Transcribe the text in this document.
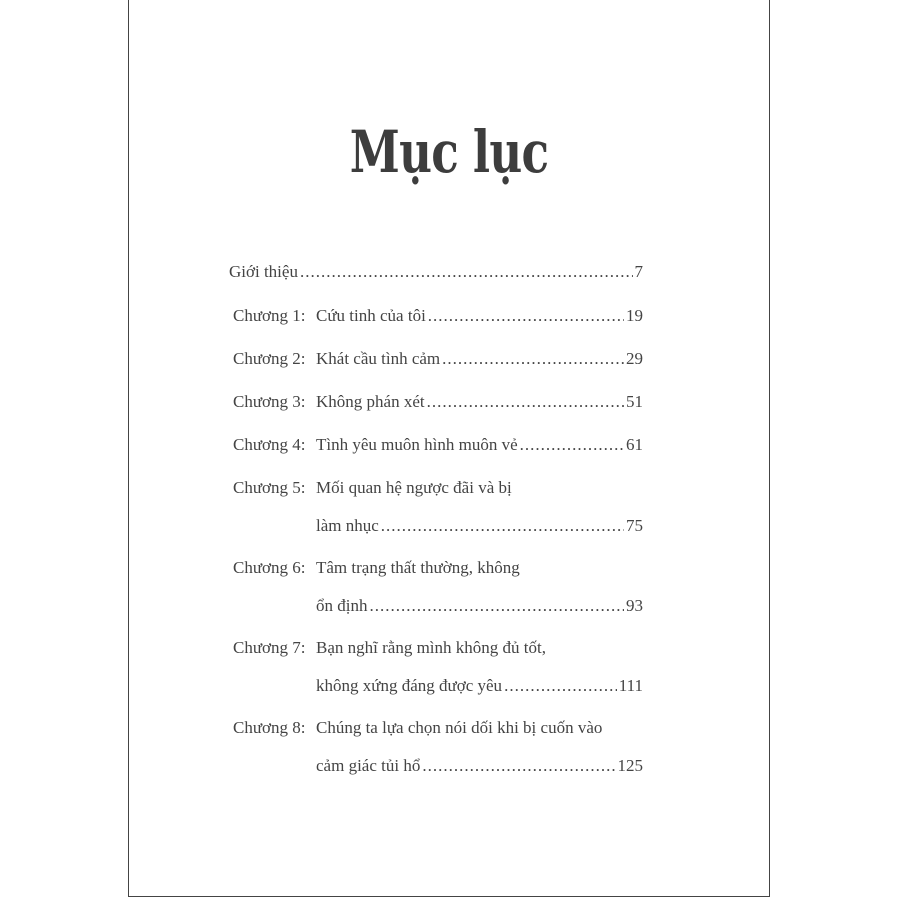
Mục lục
Giới thiệu .....	7
Chương 1: Cứu tinh của tôi .....	19
Chương 2: Khát cầu tình cảm .....	29
Chương 3: Không phán xét .....	51
Chương 4: Tình yêu muôn hình muôn vẻ .....	61
Chương 5: Mối quan hệ ngược đãi và bị
làm nhục .....	75
Chương 6: Tâm trạng thất thường, không
ổn định .....	93
Chương 7: Bạn nghĩ rằng mình không đủ tốt,
không xứng đáng được yêu .....	111
Chương 8: Chúng ta lựa chọn nói dối khi bị cuốn vào
cảm giác tủi hổ .....	125
